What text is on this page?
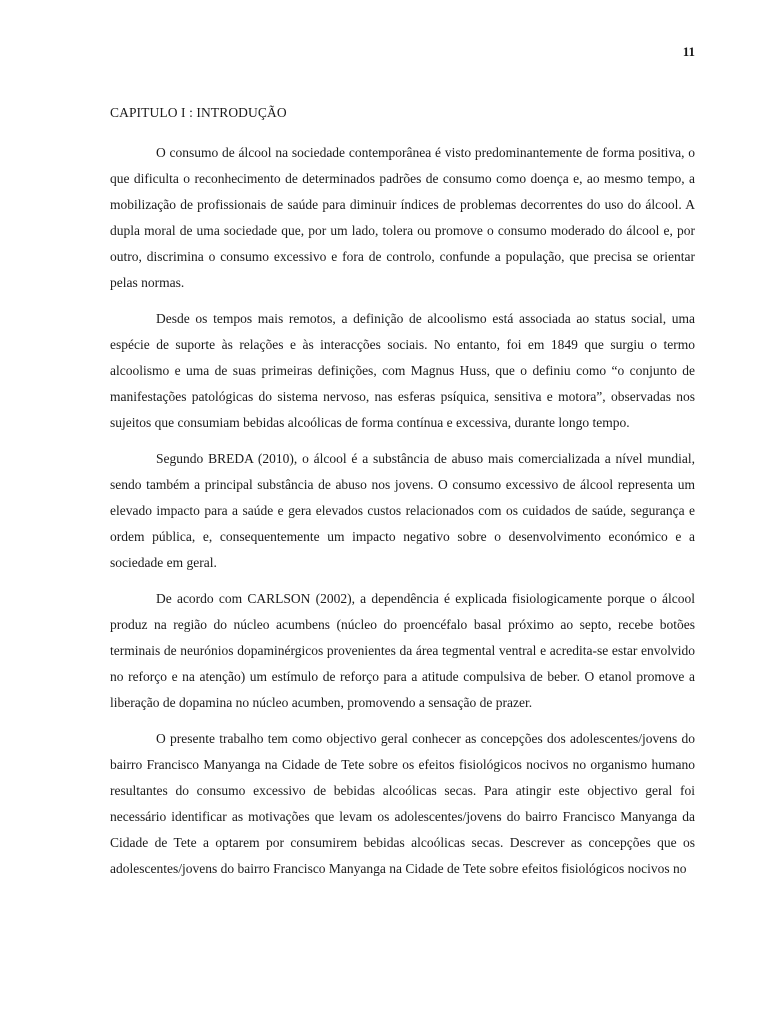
11
CAPITULO I : INTRODUÇÃO

O consumo de álcool na sociedade contemporânea é visto predominantemente de forma positiva, o que dificulta o reconhecimento de determinados padrões de consumo como doença e, ao mesmo tempo, a mobilização de profissionais de saúde para diminuir índices de problemas decorrentes do uso do álcool. A dupla moral de uma sociedade que, por um lado, tolera ou promove o consumo moderado do álcool e, por outro, discrimina o consumo excessivo e fora de controlo, confunde a população, que precisa se orientar pelas normas.

Desde os tempos mais remotos, a definição de alcoolismo está associada ao status social, uma espécie de suporte às relações e às interacções sociais. No entanto, foi em 1849 que surgiu o termo alcoolismo e uma de suas primeiras definições, com Magnus Huss, que o definiu como “o conjunto de manifestações patológicas do sistema nervoso, nas esferas psíquica, sensitiva e motora”, observadas nos sujeitos que consumiam bebidas alcoólicas de forma contínua e excessiva, durante longo tempo.

Segundo BREDA (2010), o álcool é a substância de abuso mais comercializada a nível mundial, sendo também a principal substância de abuso nos jovens. O consumo excessivo de álcool representa um elevado impacto para a saúde e gera elevados custos relacionados com os cuidados de saúde, segurança e ordem pública, e, consequentemente um impacto negativo sobre o desenvolvimento económico e a sociedade em geral.

De acordo com CARLSON (2002), a dependência é explicada fisiologicamente porque o álcool produz na região do núcleo acumbens (núcleo do proencéfalo basal próximo ao septo, recebe botões terminais de neurónios dopaminérgicos provenientes da área tegmental ventral e acredita-se estar envolvido no reforço e na atenção) um estímulo de reforço para a atitude compulsiva de beber. O etanol promove a liberação de dopamina no núcleo acumben, promovendo a sensação de prazer.

O presente trabalho tem como objectivo geral conhecer as concepções dos adolescentes/jovens do bairro Francisco Manyanga na Cidade de Tete sobre os efeitos fisiológicos nocivos no organismo humano resultantes do consumo excessivo de bebidas alcoólicas secas. Para atingir este objectivo geral foi necessário identificar as motivações que levam os adolescentes/jovens do bairro Francisco Manyanga da Cidade de Tete a optarem por consumirem bebidas alcoólicas secas. Descrever as concepções que os adolescentes/jovens do bairro Francisco Manyanga na Cidade de Tete sobre efeitos fisiológicos nocivos no
